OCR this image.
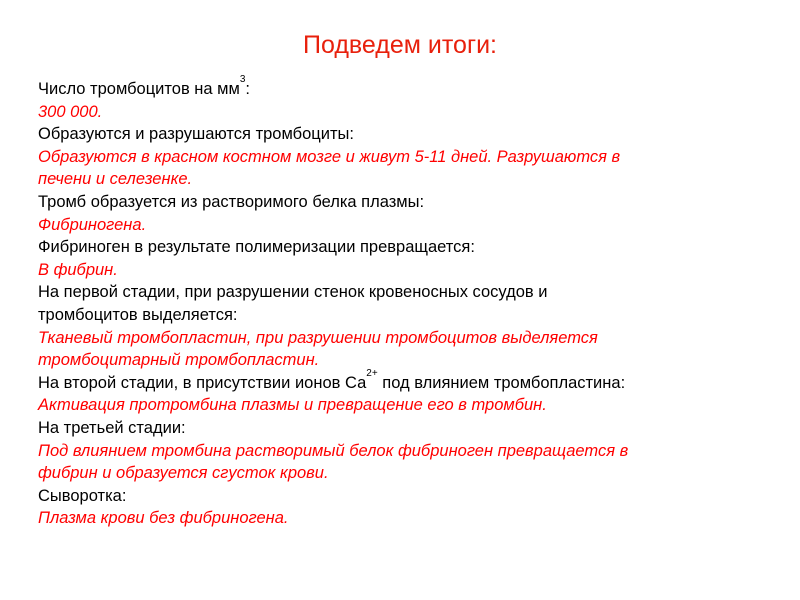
Подведем итоги:
Число тромбоцитов на $мм^3$:
300 000.
Образуются и разрушаются тромбоциты:
Образуются в красном костном мозге и живут 5-11 дней. Разрушаются в
печени и селезенке.
Тромб образуется из растворимого белка плазмы:
Фибриногена.
Фибриноген в результате полимеризации превращается:
В фибрин.
На первой стадии, при разрушении стенок кровеносных сосудов и
тромбоцитов выделяется:
Тканевый тромбопластин, при разрушении тромбоцитов выделяется
тромбоцитарный тромбопластин.
На второй стадии, в присутствии ионов $Са^{2+}$ под влиянием тромбопластина:
Активация протромбина плазмы и превращение его в тромбин.
На третьей стадии:
Под влиянием тромбина растворимый белок фибриноген превращается в
фибрин и образуется сгусток крови.
Сыворотка:
Плазма крови без фибриногена.
